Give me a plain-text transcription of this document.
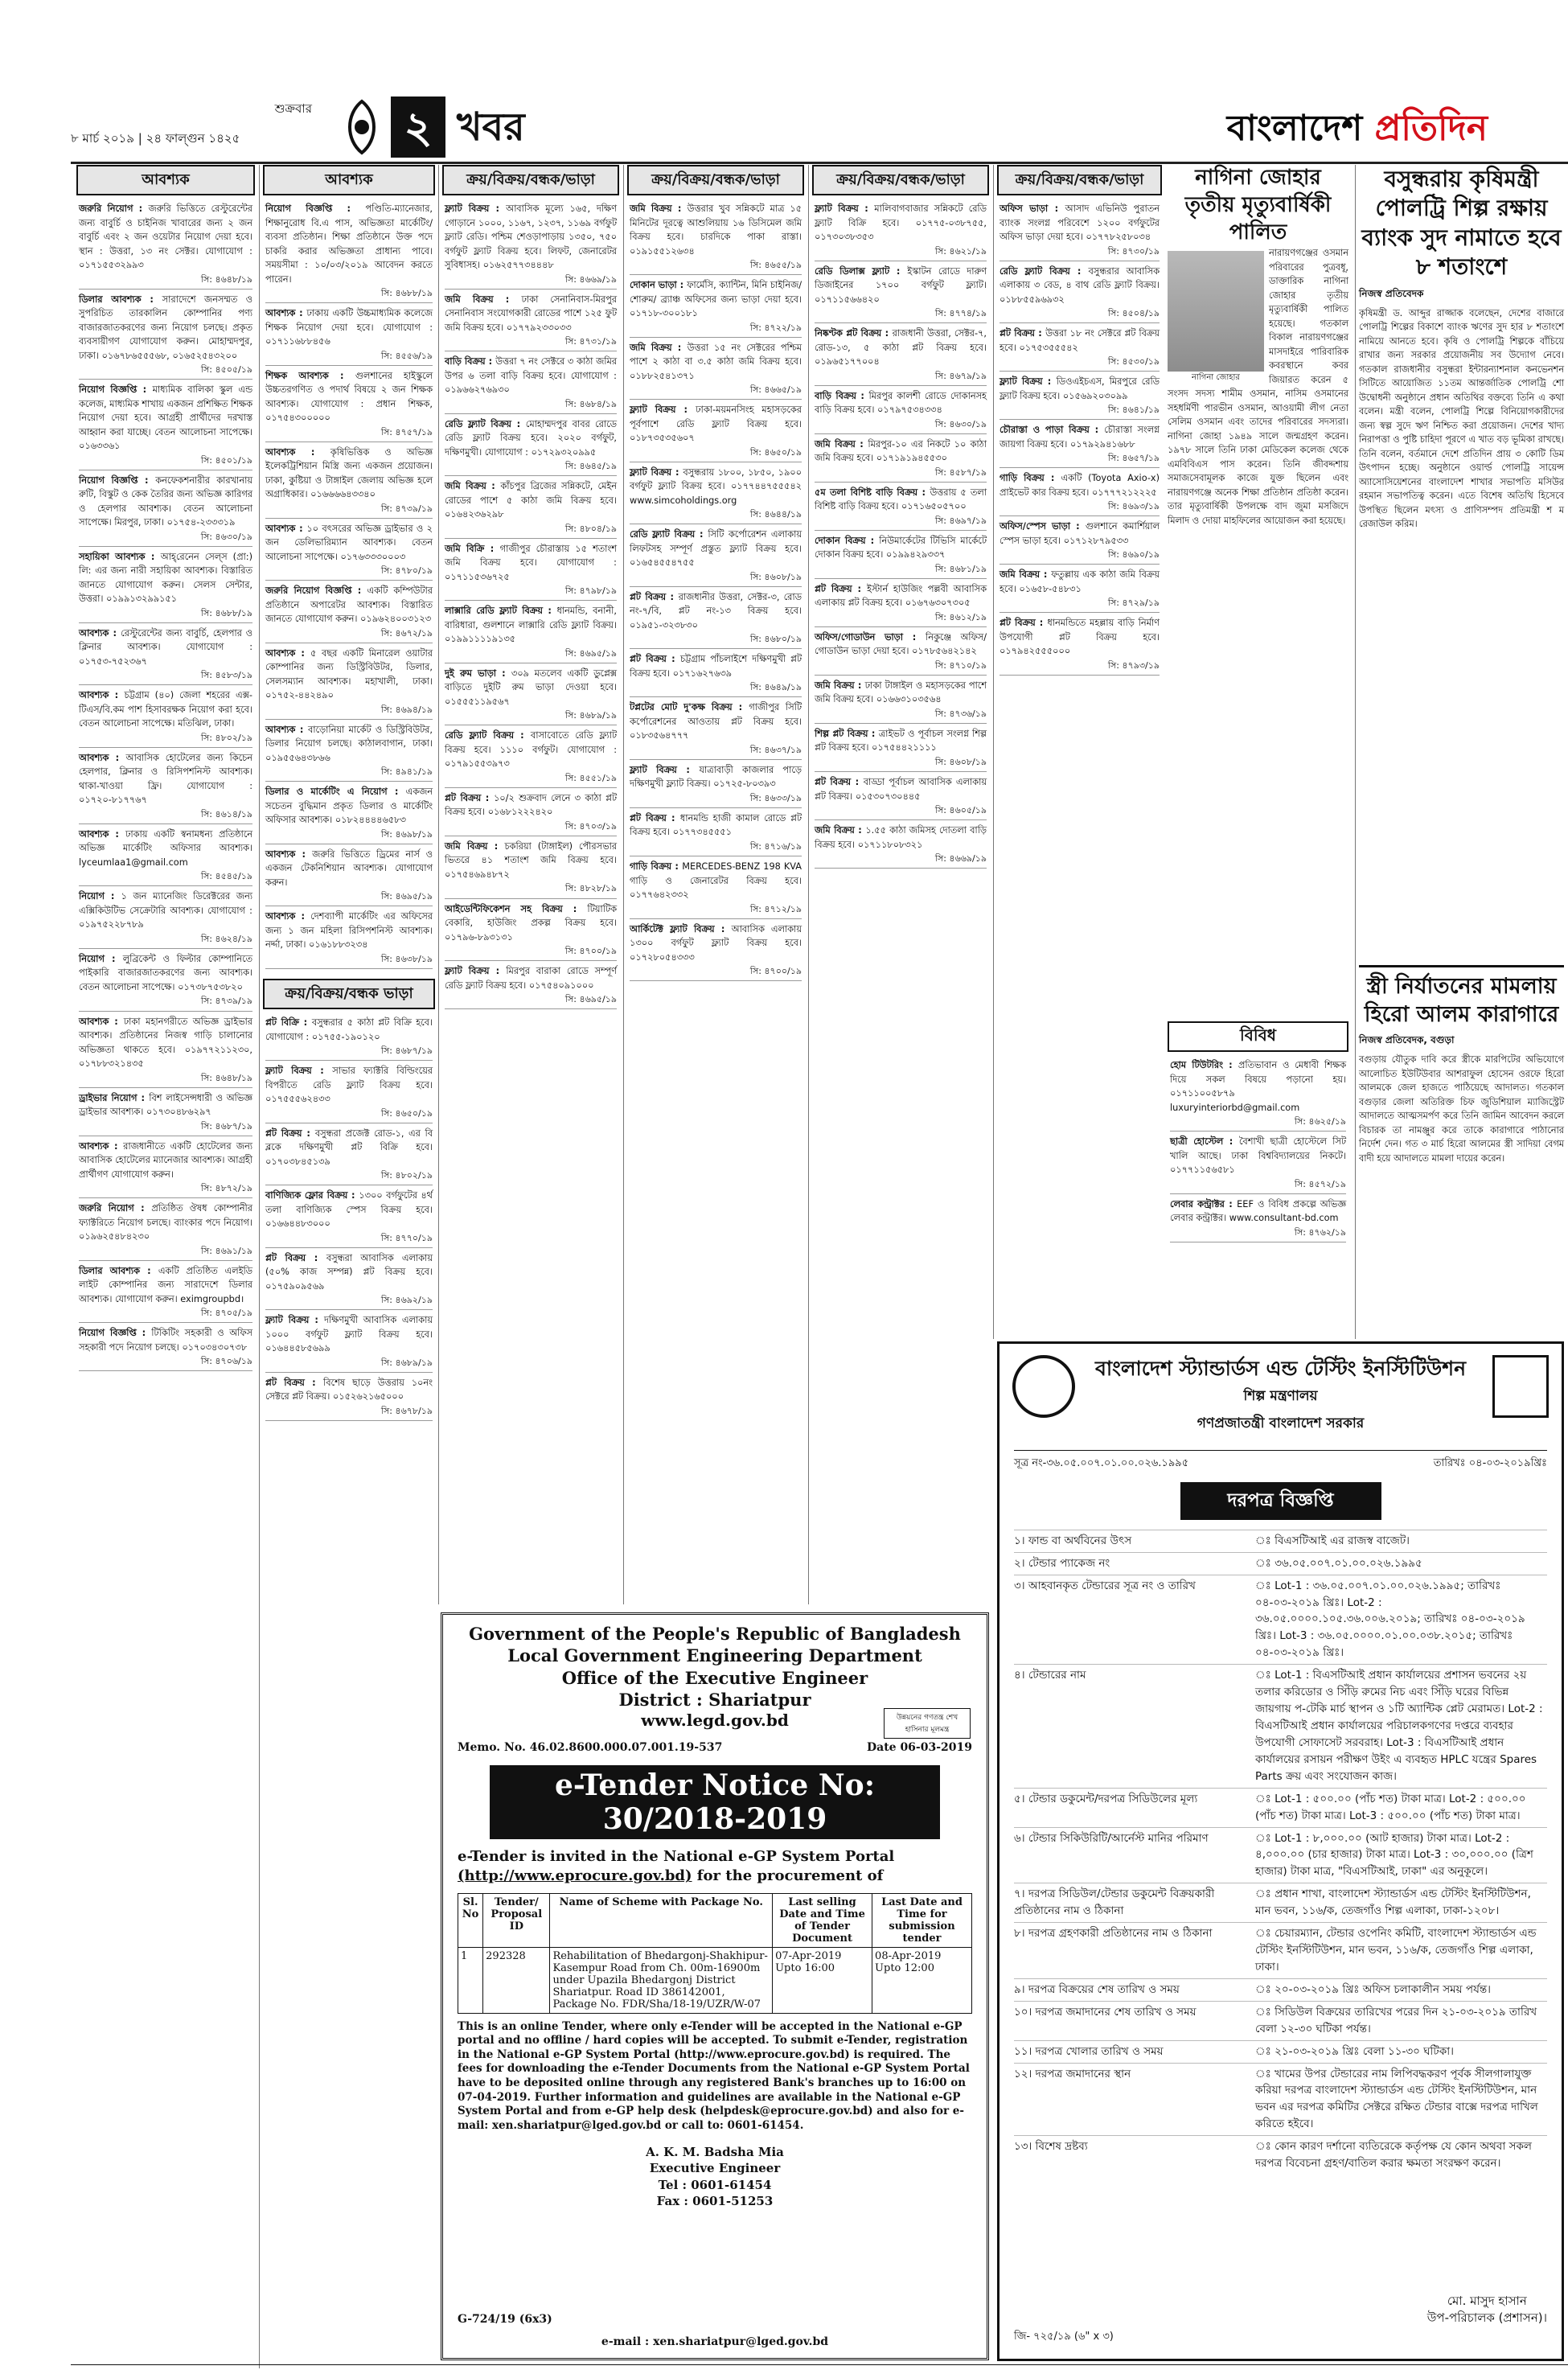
শুক্রবার
৮ মার্চ ২০১৯ | ২৪ ফাল্গুন ১৪২৫	২ খবর	বাংলাদেশ প্রতিদিন
আবশ্যক
জরুরি নিয়োগ : জরুরি ভিত্তিতে রেস্টুরেন্টের জন্য বাবুর্চি ও চাইনিজ খাবারের জন্য ২ জন বাবুর্চি এবং ২ জন ওয়েটার নিয়োগ দেয়া হবে। স্থান : উত্তরা, ১৩ নং সেক্টর। যোগাযোগ : ০১৭১৫৫৩২৯৯৩
সি: ৪৬৪৮/১৯
ডিলার আবশ্যক : সারাদেশে জনসম্মত ও সুপরিচিত তারকালিন কোম্পানির পণ্য বাজারজাতকরণের জন্য নিয়োগ চলছে। প্রকৃত ব্যবসায়ীগণ যোগাযোগ করুন। মোহাম্মদপুর, ঢাকা। ০১৬৭৮৬৫৫৫৬৮, ০১৬৫২৫৪৩২০০
সি: ৪৫০৫/১৯
নিয়োগ বিজ্ঞপ্তি : মাধ্যমিক বালিকা স্কুল এন্ড কলেজ, মাধ্যমিক শাখায় একজন প্রশিক্ষিত শিক্ষক নিয়োগ দেয়া হবে। আগ্রহী প্রার্থীদের দরখাস্ত আহ্বান করা যাচ্ছে। বেতন আলোচনা সাপেক্ষে। ০১৬৩৩৬১
সি: ৪৫০১/১৯
নিয়োগ বিজ্ঞপ্তি : কনফেকশনারীর কারখানায় রুটি, বিস্কুট ও কেক তৈরির জন্য অভিজ্ঞ কারিগর ও হেলপার আবশ্যক। বেতন আলোচনা সাপেক্ষে। মিরপুর, ঢাকা। ০১৭৫৪-২৩৩৩১৯
সি: ৪৬৩০/১৯
সহায়িকা আবশ্যক : আহ্‌রেনেন সেল্স (প্রা:) লি: এর জন্য নারী সহায়িকা আবশ্যক। বিস্তারিত জানতে যোগাযোগ করুন। সেলস সেন্টার, উত্তরা। ০১৯৯১৩২৯৯১৫১
সি: ৪৬৮৮/১৯
আবশ্যক : রেস্টুরেন্টের জন্য বাবুর্চি, হেলপার ও ক্লিনার আবশ্যক। যোগাযোগ : ০১৭৫৩-৭৫২৩৬৭
সি: ৪৫৮৩/১৯
আবশ্যক : চট্টগ্রাম (৪০) জেলা শহরের এক্স-টিএস/বি.কম পাশ হিসাবরক্ষক নিয়োগ করা হবে। বেতন আলোচনা সাপেক্ষে। মতিঝিল, ঢাকা।
সি: ৪৮০২/১৯
আবশ্যক : আবাসিক হোটেলের জন্য কিচেন হেলপার, ক্লিনার ও রিসিপশনিস্ট আবশ্যক। থাকা-খাওয়া ফ্রি। যোগাযোগ : ০১৭২০-৮১৭৭৬৭
সি: ৪৬১৪/১৯
আবশ্যক : ঢাকায় একটি স্বনামধন্য প্রতিষ্ঠানে অভিজ্ঞ মার্কেটিং অফিসার আবশ্যক। lyceumlaa1@gmail.com
সি: ৪৫৪৫/১৯
নিয়োগ : ১ জন ম্যানেজিং ডিরেক্টরের জন্য এক্সিকিউটিভ সেক্রেটারি আবশ্যক। যোগাযোগ : ০১৯৭৫২২৮৭৮৯
সি: ৪৬২৪/১৯
নিয়োগ : লুব্রিকেন্ট ও ফিল্টার কোম্পানিতে পাইকারি বাজারজাতকরণের জন্য আবশ্যক। বেতন আলোচনা সাপেক্ষে। ০১৭৩৮৭৫৩৮২০
সি: ৪৭৩৯/১৯
আবশ্যক : ঢাকা মহানগরীতে অভিজ্ঞ ড্রাইভার আবশ্যক। প্রতিষ্ঠানের নিজস্ব গাড়ি চালানোর অভিজ্ঞতা থাকতে হবে। ০১৯৭৭২১১২৩০, ০১৭৮৮৩২১৪৩৫
সি: ৪৬৪৮/১৯
ড্রাইভার নিয়োগ : বিশ লাইসেন্সধারী ও অভিজ্ঞ ড্রাইভার আবশ্যক। ০১৭৩০৪৮৬২৯৭
সি: ৪৬৮৭/১৯
আবশ্যক : রাজধানীতে একটি হোটেলের জন্য আবাসিক হোটেলের ম্যানেজার আবশ্যক। আগ্রহী প্রার্থীগণ যোগাযোগ করুন।
সি: ৪৮৭২/১৯
জরুরি নিয়োগ : প্রতিষ্ঠিত ঔষধ কোম্পানীর ফ্যাক্টরিতে নিয়োগ চলছে। ব্যাংকার পদে নিয়োগ। ০১৯৬২৫৪৮৪২৩০
সি: ৪৬৯১/১৯
ডিলার আবশ্যক : একটি প্রতিষ্ঠিত এলইডি লাইট কোম্পানির জন্য সারাদেশে ডিলার আবশ্যক। যোগাযোগ করুন। eximgroupbd।
সি: ৪৭০৫/১৯
নিয়োগ বিজ্ঞপ্তি : টিকিটিং সহকারী ও অফিস সহকারী পদে নিয়োগ চলছে। ০১৭০৩৪৩০৭৩৮
সি: ৪৭০৬/১৯
আবশ্যক
নিয়োগ বিজ্ঞপ্তি : পণ্ডিতি-ম্যানেজার, শিক্ষানুরোধ বি.এ পাস, অভিজ্ঞতা মার্কেটিং/ব্যবসা প্রতিষ্ঠান। শিক্ষা প্রতিষ্ঠানে উক্ত পদে চাকরি করার অভিজ্ঞতা প্রাধান্য পাবে। সময়সীমা : ১০/০৩/২০১৯ আবেদন করতে পারেন।
সি: ৪৬৮৮/১৯
আবশ্যক : ঢাকায় একটি উচ্চমাধ্যমিক কলেজে শিক্ষক নিয়োগ দেয়া হবে। যোগাযোগ : ০১৭১১৬৮৮৪৫৬
সি: ৪৫৫৬/১৯
শিক্ষক আবশ্যক : গুলশানের হাইস্কুলে উচ্চতরগণিত ও পদার্থ বিষয়ে ২ জন শিক্ষক আবশ্যক। যোগাযোগ : প্রধান শিক্ষক, ০১৭৫৪৩০০০০০
সি: ৪৭৫৭/১৯
আবশ্যক : কৃষিভিত্তিক ও অভিজ্ঞ ইলেকট্রিশিয়ান মিস্ত্রি জন্য একজন প্রয়োজন। ঢাকা, কুষ্টিয়া ও টাঙ্গাইল জেলায় অভিজ্ঞ হলে অগ্রাধিকার। ০১৬৬৬৬৪৩৩৪০
সি: ৪৭৩৯/১৯
আবশ্যক : ১০ বৎসরের অভিজ্ঞ ড্রাইভার ও ২ জন ডেলিভারিম্যান আবশ্যক। বেতন আলোচনা সাপেক্ষে। ০১৭৬৩৩৩০০০৩
সি: ৪৭৮০/১৯
জরুরি নিয়োগ বিজ্ঞপ্তি : একটি কম্পিউটার প্রতিষ্ঠানে অপারেটর আবশ্যক। বিস্তারিত জানতে যোগাযোগ করুন। ০১৯৬২৪০০৩১২৩
সি: ৪৬৭২/১৯
আবশ্যক : ৫ বছর একটি মিনারেল ওয়াটার কোম্পানির জন্য ডিস্ট্রিবিউটর, ডিলার, সেলসম্যান আবশ্যক। মহাখালী, ঢাকা। ০১৭৫২-৪৪২৪৯০
সি: ৪৬৯৪/১৯
আবশ্যক : বাড়োনিয়া মার্কেট ও ডিস্ট্রিবিউটর, ডিলার নিয়োগ চলছে। কাঠালবাগান, ঢাকা। ০১৯৫৫৬৪৩৮৬৬
সি: ৪৯৪১/১৯
ডিলার ও মার্কেটিং এ নিয়োগ : একজন সচেতন বুদ্ধিমান প্রকৃত ডিলার ও মার্কেটিং অফিসার আবশ্যক। ০১৮২৪৪৪৪৬৫৮৩
সি: ৪৬৯৮/১৯
আবশ্যক : জরুরি ভিত্তিতে ড্রিমের নার্স ও একজন টেকনিশিয়ান আবশ্যক। যোগাযোগ করুন।
সি: ৪৬৯৫/১৯
আবশ্যক : দেশব্যাপী মার্কেটিং এর অফিসের জন্য ১ জন মহিলা রিসিপশনিস্ট আবশ্যক। নর্দ্দা, ঢাকা। ০১৬১৮৮৩২৩৪
সি: ৪৬৩৮/১৯
ক্রয়/বিক্রয়/বন্ধক ভাড়া
প্লট বিক্রি : বসুন্ধরার ৫ কাঠা প্লট বিক্রি হবে। যোগাযোগ : ০১৭৫৫-১৯০১২০
সি: ৪৬৮৭/১৯
ফ্ল্যাট বিক্রয় : সাভার ফ্যাক্টরি বিল্ডিংয়ের বিপরীতে রেডি ফ্ল্যাট বিক্রয় হবে। ০১৭৫৫৫৬২৪৩৩
সি: ৪৬৫০/১৯
প্লট বিক্রয় : বসুন্ধরা প্রজেক্ট রোড-১, এর বি ব্লকে দক্ষিণমুখী প্লট বিক্রি হবে। ০১৭০৩৮৪৫১৩৯
সি: ৪৮০২/১৯
বাণিজ্যিক ফ্লোর বিক্রয় : ১৩০০ বর্গফুটের ৪র্থ তলা বাণিজ্যিক স্পেস বিক্রয় হবে। ০১৬৬৪৪৮৩০০০
সি: ৪৭৭০/১৯
প্লট বিক্রয় : বসুন্ধরা আবাসিক এলাকায় (৫০% কাজ সম্পন্ন) প্লট বিক্রয় হবে। ০১৭৫৯০৯৫৬৯
সি: ৪৬৯২/১৯
ফ্ল্যাট বিক্রয় : দক্ষিণমুখী আবাসিক এলাকায় ১০০০ বর্গফুট ফ্ল্যাট বিক্রয় হবে। ০১৬৪৪৫৮৫৬৯৯
সি: ৪৬৮৯/১৯
প্লট বিক্রয় : বিশেষ ছাড়ে উত্তরায় ১০নং সেক্টরে প্লট বিক্রয়। ০১৫২৬২১৬৫০০০
সি: ৪৬৭৮/১৯
ক্রয়/বিক্রয়/বন্ধক/ভাড়া
ফ্ল্যাট বিক্রয় : আবাসিক মূল্যে ১৬৫, দক্ষিণ গোড়ানে ১০০০, ১১৬৭, ১২৩৭, ১১৬৯ বর্গফুট ফ্ল্যাট রেডি। পশ্চিম শেওড়াপাড়ায় ১৩৫০, ৭৫০ বর্গফুট ফ্ল্যাট বিক্রয় হবে। লিফট, জেনারেটর সুবিধাসহ। ০১৬২৫৭৭৩৪৪৪৮
সি: ৪৬৬৯/১৯
জমি বিক্রয় : ঢাকা সেনানিবাস-মিরপুর সেনানিবাস সংযোগকারী রোডের পাশে ১২৫ ফুট জমি বিক্রয় হবে। ০১৭৭৯২৩৩০৩৩
সি: ৪৭৩১/১৯
বাড়ি বিক্রয় : উত্তরা ৭ নং সেক্টরে ৩ কাঠা জমির উপর ৬ তলা বাড়ি বিক্রয় হবে। যোগাযোগ : ০১৯৬৬২৭৬৯৩০
সি: ৪৬৮৪/১৯
রেডি ফ্ল্যাট বিক্রয় : মোহাম্মদপুর বাবর রোডে রেডি ফ্ল্যাট বিক্রয় হবে। ২০২০ বর্গফুট, দক্ষিণমুখী। যোগাযোগ : ০১৭২৯৩২০৯৯৫
সি: ৪৬৪৫/১৯
জমি বিক্রয় : কাঁচপুর ব্রিজের সন্নিকটে, মেইন রোডের পাশে ৫ কাঠা জমি বিক্রয় হবে। ০১৬৪২৩৬২৯৮
সি: ৪৮০৪/১৯
জমি বিক্রি : গাজীপুর চৌরাস্তায় ১৫ শতাংশ জমি বিক্রয় হবে। যোগাযোগ : ০১৭১১৫৩৬৭২৫
সি: ৪৭৯৮/১৯
লাক্সারি রেডি ফ্ল্যাট বিক্রয় : ধানমন্ডি, বনানী, বারিধারা, গুলশানে লাক্সারি রেডি ফ্ল্যাট বিক্রয়। ০১৯৯১১১১৯১৩৫
সি: ৪৬৯৫/১৯
দুই রুম ভাড়া : ৩০৯ মতলেব একটি ডুপ্লেক্স বাড়িতে দুইটি রুম ভাড়া দেওয়া হবে। ০১৫৫৫১১৯৫৬৭
সি: ৪৬৮৯/১৯
রেডি ফ্ল্যাট বিক্রয় : বাসাবোতে রেডি ফ্ল্যাট বিক্রয় হবে। ১১১০ বর্গফুট। যোগাযোগ : ০১৭৯১৫৫৩৯৭৩
সি: ৪৫৫১/১৯
প্লট বিক্রয় : ১০/২ শুক্রবাদ লেনে ৩ কাঠা প্লট বিক্রয় হবে। ০১৬৮১২২২৪২০
সি: ৪৭০৩/১৯
জমি বিক্রয় : চকরিয়া (টাঙ্গাইল) পৌরসভার ভিতরে ৪১ শতাংশ জমি বিক্রয় হবে। ০১৭৫৪৬৯৪৮৭২
সি: ৪৮২৮/১৯
আইডেন্টিফিকেশন সহ বিক্রয় : টিয়াটিক বেকারি, হাউজিং প্রকল্প বিক্রয় হবে। ০১৭৯৬-৮৯৩১৩১
সি: ৪৭০০/১৯
ফ্ল্যাট বিক্রয় : মিরপুর বারাকা রোডে সম্পূর্ণ রেডি ফ্ল্যাট বিক্রয় হবে। ০১৭৫৪০৯১০০০
সি: ৪৬৯৫/১৯
ক্রয়/বিক্রয়/বন্ধক/ভাড়া
জমি বিক্রয় : উত্তরার খুব সন্নিকটে মাত্র ১৫ মিনিটের দূরত্বে আশুলিয়ায় ১৬ ডিসিমেল জমি বিক্রয় হবে। চারদিকে পাকা রাস্তা। ০১৯১৫৫১২৬৩৪
সি: ৪৬৫৫/১৯
দোকান ভাড়া : ফার্মেসি, ক্যান্টিন, মিনি চাইনিজ/শোরুম/ ব্র্যাঞ্চ অফিসের জন্য ভাড়া দেয়া হবে। ০১৭১৮-৩০০১৮১
সি: ৪৭২২/১৯
জমি বিক্রয় : উত্তরা ১৫ নং সেক্টরের পশ্চিম পাশে ২ কাঠা বা ৩.৫ কাঠা জমি বিক্রয় হবে। ০১৮৮২৫৪১৩৭১
সি: ৪৬৬৫/১৯
ফ্ল্যাট বিক্রয় : ঢাকা-ময়মনসিংহ মহাসড়কের পূর্বপাশে রেডি ফ্ল্যাট বিক্রয় হবে। ০১৮৭৩৫৩৫৬০৭
সি: ৪৬৫০/১৯
ফ্ল্যাট বিক্রয় : বসুন্ধরায় ১৮০০, ১৮৫০, ১৯০০ বর্গফুট ফ্ল্যাট বিক্রয় হবে। ০১৭৭৪৪৭৫৫৫৪২ www.simcoholdings.org
সি: ৪৬৪৪/১৯
রেডি ফ্ল্যাট বিক্রয় : সিটি কর্পোরেশন এলাকায় লিফটসহ সম্পূর্ণ প্রস্তুত ফ্ল্যাট বিক্রয় হবে। ০১৬৫৪৫৫৪৭৫৫
সি: ৪৬০৮/১৯
প্লট বিক্রয় : রাজধানীর উত্তরা, সেক্টর-৩, রোড নং-৭/বি, প্লট নং-১৩ বিক্রয় হবে। ০১৯৫১-৩২৩৮৩০
সি: ৪৬৮০/১৯
প্লট বিক্রয় : চট্টগ্রাম পাঁচলাইশে দক্ষিণমুখী প্লট বিক্রয় হবে। ০১৭১৬২৭৬৩৯
সি: ৪৬৪৯/১৯
টপ্লটের মোট দু'কক্ষ বিক্রয় : গাজীপুর সিটি কর্পোরেশনের আওতায় প্লট বিক্রয় হবে। ০১৮৩৫৬৪৭৭৭
সি: ৪৬৩৭/১৯
ফ্ল্যাট বিক্রয় : যাত্রাবাড়ী কাজলার পাড়ে দক্ষিণমুখী ফ্ল্যাট বিক্রয়। ০১৭২৫-৮০৩৯৩
সি: ৪৬৩৩/১৯
প্লট বিক্রয় : ধানমন্ডি হাজী কামাল রোডে প্লট বিক্রয় হবে। ০১৭৭৩৪৫৫৫১
সি: ৪৭১৬/১৯
গাড়ি বিক্রয় : MERCEDES-BENZ 198 KVA গাড়ি ও জেনারেটর বিক্রয় হবে। ০১৭৭৬৪২৩৩২
সি: ৪৭১২/১৯
আর্কিটেক্ট ফ্ল্যাট বিক্রয় : আবাসিক এলাকায় ১৩০০ বর্গফুট ফ্ল্যাট বিক্রয় হবে। ০১৭২৮০৫৪৩৩৩
সি: ৪৭০০/১৯
ক্রয়/বিক্রয়/বন্ধক/ভাড়া
ফ্ল্যাট বিক্রয় : মালিবাগবাজার সন্নিকটে রেডি ফ্ল্যাট বিক্রি হবে। ০১৭৭৫-০৩৮৭৫৫, ০১৭৩০৩৮৩৫৩
সি: ৪৬২১/১৯
রেডি ডিলাক্স ফ্ল্যাট : ইস্কাটন রোডে দারুণ ডিজাইনের ১৭০০ বর্গফুট ফ্ল্যাট। ০১৭১১৫৬৬৪২০
সি: ৪৭৭৪/১৯
নিষ্কণ্টক প্লট বিক্রয় : রাজধানী উত্তরা, সেক্টর-৭, রোড-১৩, ৫ কাঠা প্লট বিক্রয় হবে। ০১৯৬৫১৭৭০০৪
সি: ৪৬৭৯/১৯
বাড়ি বিক্রয় : মিরপুর কালশী রোডে দোকানসহ বাড়ি বিক্রয় হবে। ০১৭৯৭৫৩৪৩৩৪
সি: ৪৬৩০/১৯
জমি বিক্রয় : মিরপুর-১০ এর নিকটে ১০ কাঠা জমি বিক্রয় হবে। ০১৭১৯১৯৪৫৫৩০
সি: ৪৫৮৭/১৯
৫ম তলা বিশিষ্ট বাড়ি বিক্রয় : উত্তরায় ৫ তলা বিশিষ্ট বাড়ি বিক্রয় হবে। ০১৭১৬৫০৫৭০০
সি: ৪৬৯৭/১৯
দোকান বিক্রয় : নিউমার্কেটের টিভিসি মার্কেটে দোকান বিক্রয় হবে। ০১৯৯৪২৯৩৩৭
সি: ৪৬৮১/১৯
প্লট বিক্রয় : ইস্টার্ন হাউজিং পল্লবী আবাসিক এলাকায় প্লট বিক্রয় হবে। ০১৬৭৬৩০৭৩০৫
সি: ৪৬১২/১৯
অফিস/গোডাউন ভাড়া : নিকুঞ্জে অফিস/গোডাউন ভাড়া দেয়া হবে। ০১৭৮৫৬৪২১৪২
সি: ৪৭১০/১৯
জমি বিক্রয় : ঢাকা টাঙ্গাইল ও মহাসড়কের পাশে জমি বিক্রয় হবে। ০১৬৬৩১০৩৫৬৪
সি: ৪৭৩৬/১৯
শিল্প প্লট বিক্রয় : ত্রাইভট ও পূর্বাচল সংলগ্ন শিল্প প্লট বিক্রয় হবে। ০১৭৫৪৪২১১১১
সি: ৪৬০৮/১৯
প্লট বিক্রয় : বাড্ডা পূর্বাচল আবাসিক এলাকায় প্লট বিক্রয়। ০১৫৩০৭৩০৪৪৫
সি: ৪৬০৫/১৯
জমি বিক্রয় : ১.৫৫ কাঠা জমিসহ দোতলা বাড়ি বিক্রয় হবে। ০১৭১১৮০৮৩২১
সি: ৪৬৬৯/১৯
ক্রয়/বিক্রয়/বন্ধক/ভাড়া
অফিস ভাড়া : আসাদ এভিনিউ পুরাতন ব্যাংক সংলগ্ন পরিবেশে ১২০০ বর্গফুটের অফিস ভাড়া দেয়া হবে। ০১৭৭৮২৫৮০৩৪
সি: ৪৭৩০/১৯
রেডি ফ্ল্যাট বিক্রয় : বসুন্ধরার আবাসিক এলাকায় ৩ বেড, ৪ বাথ রেডি ফ্ল্যাট বিক্রয়। ০১৮৮৫৫৯৬৯৩২
সি: ৪৫০৪/১৯
প্লট বিক্রয় : উত্তরা ১৮ নং সেক্টরে প্লট বিক্রয় হবে। ০১৭৫৩৫৫৫৪২
সি: ৪৫৩০/১৯
ফ্ল্যাট বিক্রয় : ডিওএইচএস, মিরপুরে রেডি ফ্ল্যাট বিক্রয় হবে। ০১৫৬৯২০৩০৯৯
সি: ৪৬৪১/১৯
চৌরাস্তা ও পাড়া বিক্রয় : চৌরাস্তা সংলগ্ন জায়গা বিক্রয় হবে। ০১৭৯২৯৪১৬৮৮
সি: ৪৬৫৭/১৯
গাড়ি বিক্রয় : একটি (Toyota Axio-x) প্রাইভেট কার বিক্রয় হবে। ০১৭৭৭২১২২২৫
সি: ৪৬৯৩/১৯
অফিস/স্পেস ভাড়া : গুলশানে কমার্শিয়াল স্পেস ভাড়া হবে। ০১৭১২৮৭৯৫৩৩
সি: ৪৬৯০/১৯
জমি বিক্রয় : ফতুল্লায় এক কাঠা জমি বিক্রয় হবে। ০১৬৫৮-৫৪৮৩১
সি: ৪৭২৯/১৯
প্লট বিক্রয় : ধানমন্ডিতে মহল্লায় বাড়ি নির্মাণ উপযোগী প্লট বিক্রয় হবে। ০১৭৯৪২৫৫৫০০০
সি: ৪৭৯৩/১৯
নাগিনা জোহার তৃতীয় মৃত্যুবার্ষিকী পালিত
নাগিনা জোহার
নারায়ণগঞ্জের ওসমান পরিবারের পুত্রবধূ, ডাক্তারিক নাগিনা জোহার তৃতীয় মৃত্যুবার্ষিকী পালিত হয়েছে। গতকাল বিকাল নারায়ণগঞ্জের মাসদাইরে পারিবারিক কবরস্থানে কবর জিয়ারত করেন ৫ সংসদ সদস্য শামীম ওসমান, নাসিম ওসমানের সহধর্মিণী পারভীন ওসমান, আওয়ামী লীগ নেতা সেলিম ওসমান এবং তাদের পরিবারের সদস্যরা। নাগিনা জোহা ১৯৪৯ সালে জন্মগ্রহণ করেন। ১৯৭৮ সালে তিনি ঢাকা মেডিকেল কলেজ থেকে এমবিবিএস পাস করেন। তিনি জীবদ্দশায় সমাজসেবামূলক কাজে যুক্ত ছিলেন এবং নারায়ণগঞ্জে অনেক শিক্ষা প্রতিষ্ঠান প্রতিষ্ঠা করেন। তার মৃত্যুবার্ষিকী উপলক্ষে বাদ জুমা মসজিদে মিলাদ ও দোয়া মাহফিলের আয়োজন করা হয়েছে।
বিবিধ
হোম টিউটরিং : প্রতিভাবান ও মেধাবী শিক্ষক দিয়ে সকল বিষয়ে পড়ানো হয়। ০১৭১১০০৫৮৭৯ luxuryinteriorbd@gmail.com
সি: ৪৬২৫/১৯
ছাত্রী হোস্টেল : বৈশাখী ছাত্রী হোস্টেলে সিট খালি আছে। ঢাকা বিশ্ববিদ্যালয়ের নিকটে। ০১৭৭১১৫৬৫৮১
সি: ৪৫৭২/১৯
লেবার কন্ট্রাক্টর : EEF ও বিবিধ প্রকল্পে অভিজ্ঞ লেবার কন্ট্রাক্টর। www.consultant-bd.com
সি: ৪৭৬২/১৯
বসুন্ধরায় কৃষিমন্ত্রী পোলট্রি শিল্প রক্ষায় ব্যাংক সুদ নামাতে হবে ৮ শতাংশে
নিজস্ব প্রতিবেদক
কৃষিমন্ত্রী ড. আব্দুর রাজ্জাক বলেছেন, দেশের বাজারে পোলট্রি শিল্পের বিকাশে ব্যাংক ঋণের সুদ হার ৮ শতাংশে নামিয়ে আনতে হবে। কৃষি ও পোলট্রি শিল্পকে বাঁচিয়ে রাখার জন্য সরকার প্রয়োজনীয় সব উদ্যোগ নেবে। গতকাল রাজধানীর বসুন্ধরা ইন্টারন্যাশনাল কনভেনশন সিটিতে আয়োজিত ১১তম আন্তর্জাতিক পোলট্রি শো উদ্বোধনী অনুষ্ঠানে প্রধান অতিথির বক্তব্যে তিনি এ কথা বলেন। মন্ত্রী বলেন, পোলট্রি শিল্পে বিনিয়োগকারীদের জন্য স্বল্প সুদে ঋণ নিশ্চিত করা প্রয়োজন। দেশের খাদ্য নিরাপত্তা ও পুষ্টি চাহিদা পূরণে এ খাত বড় ভূমিকা রাখছে। তিনি বলেন, বর্তমানে দেশে প্রতিদিন প্রায় ৩ কোটি ডিম উৎপাদন হচ্ছে। অনুষ্ঠানে ওয়ার্ল্ড পোলট্রি সায়েন্স অ্যাসোসিয়েশনের বাংলাদেশ শাখার সভাপতি মসিউর রহমান সভাপতিত্ব করেন। এতে বিশেষ অতিথি হিসেবে উপস্থিত ছিলেন মৎস্য ও প্রাণিসম্পদ প্রতিমন্ত্রী শ ম রেজাউল করিম।
স্ত্রী নির্যাতনের মামলায় হিরো আলম কারাগারে
নিজস্ব প্রতিবেদক, বগুড়া
বগুড়ায় যৌতুক দাবি করে স্ত্রীকে মারপিটের অভিযোগে আলোচিত ইউটিউবার আশরাফুল হোসেন ওরফে হিরো আলমকে জেল হাজতে পাঠিয়েছে আদালত। গতকাল বগুড়ার জেলা অতিরিক্ত চিফ জুডিশিয়াল ম্যাজিস্ট্রেট আদালতে আত্মসমর্পণ করে তিনি জামিন আবেদন করলে বিচারক তা নামঞ্জুর করে তাকে কারাগারে পাঠানোর নির্দেশ দেন। গত ৩ মার্চ হিরো আলমের স্ত্রী সাদিয়া বেগম বাদী হয়ে আদালতে মামলা দায়ের করেন।
বাংলাদেশ স্ট্যান্ডার্ডস এন্ড টেস্টিং ইনস্টিটিউশন
শিল্প মন্ত্রণালয়
গণপ্রজাতন্ত্রী বাংলাদেশ সরকার
সূত্র নং-৩৬.০৫.০০৭.০১.০০.০২৬.১৯৯৫	তারিখঃ ০৪-০৩-২০১৯খ্রিঃ
দরপত্র বিজ্ঞপ্তি
১। ফান্ড বা অর্থবিনের উৎস	ঃ বিএসটিআই এর রাজস্ব বাজেট।
২। টেন্ডার প্যাকেজ নং	ঃ ৩৬.০৫.০০৭.০১.০০.০২৬.১৯৯৫
৩। আহবানকৃত টেন্ডারের সূত্র নং ও তারিখ	ঃ Lot-1 : ৩৬.০৫.০০৭.০১.০০.০২৬.১৯৯৫; তারিখঃ ০৪-০৩-২০১৯ খ্রিঃ। Lot-2 : ৩৬.০৫.০০০০.১০৫.৩৬.০০৬.২০১৯; তারিখঃ ০৪-০৩-২০১৯ খ্রিঃ। Lot-3 : ৩৬.০৫.০০০০.০১.০০.০৩৮.২০১৫; তারিখঃ ০৪-০৩-২০১৯ খ্রিঃ।
৪। টেন্ডারের নাম	ঃ Lot-1 : বিএসটিআই প্রধান কার্যালয়ের প্রশাসন ভবনের ২য় তলার করিডোর ও সিঁড়ি রুমের নিচ এবং সিঁড়ি ঘরের বিভিন্ন জায়গায় প-টেকি মার্চ স্থাপন ও ১টি অ্যান্টিক প্লেট মেরামত। Lot-2 : বিএসটিআই প্রধান কার্যালয়ের পরিচালকগণের দপ্তরে ব্যবহার উপযোগী সোফাসেট সরবরাহ। Lot-3 : বিএসটিআই প্রধান কার্যালয়ের রসায়ন পরীক্ষণ উইং এ ব্যবহৃত HPLC যন্ত্রের Spares Parts ক্রয় এবং সংযোজন কাজ।
৫। টেন্ডার ডকুমেন্ট/দরপত্র সিডিউলের মূল্য	ঃ Lot-1 : ৫০০.০০ (পাঁচ শত) টাকা মাত্র। Lot-2 : ৫০০.০০ (পাঁচ শত) টাকা মাত্র। Lot-3 : ৫০০.০০ (পাঁচ শত) টাকা মাত্র।
৬। টেন্ডার সিকিউরিটি/আর্নেস্ট মানির পরিমাণ	ঃ Lot-1 : ৮,০০০.০০ (আট হাজার) টাকা মাত্র। Lot-2 : ৪,০০০.০০ (চার হাজার) টাকা মাত্র। Lot-3 : ৩০,০০০.০০ (ত্রিশ হাজার) টাকা মাত্র, "বিএসটিআই, ঢাকা" এর অনুকূলে।
৭। দরপত্র সিডিউল/টেন্ডার ডকুমেন্ট বিক্রয়কারী প্রতিষ্ঠানের নাম ও ঠিকানা
ঃ প্রধান শাখা, বাংলাদেশ স্ট্যান্ডার্ডস এন্ড টেস্টিং ইনস্টিটিউশন, মান ভবন, ১১৬/ক, তেজগাঁও শিল্প এলাকা, ঢাকা-১২০৮।
৮। দরপত্র গ্রহণকারী প্রতিষ্ঠানের নাম ও ঠিকানা	ঃ চেয়ারম্যান, টেন্ডার ওপেনিং কমিটি, বাংলাদেশ স্ট্যান্ডার্ডস এন্ড টেস্টিং ইনস্টিটিউশন, মান ভবন, ১১৬/ক, তেজগাঁও শিল্প এলাকা, ঢাকা।
৯। দরপত্র বিক্রয়ের শেষ তারিখ ও সময়	ঃ ২০-০৩-২০১৯ খ্রিঃ অফিস চলাকালীন সময় পর্যন্ত।
১০। দরপত্র জমাদানের শেষ তারিখ ও সময়	ঃ সিডিউল বিক্রয়ের তারিখের পরের দিন ২১-০৩-২০১৯ তারিখ বেলা ১২-৩০ ঘটিকা পর্যন্ত।
১১। দরপত্র খোলার তারিখ ও সময়	ঃ ২১-০৩-২০১৯ খ্রিঃ বেলা ১১-৩০ ঘটিকা।
১২। দরপত্র জমাদানের স্থান	ঃ খামের উপর টেন্ডারের নাম লিপিবদ্ধকরণ পূর্বক সীলগালাযুক্ত করিয়া দরপত্র বাংলাদেশ স্ট্যান্ডার্ডস এন্ড টেস্টিং ইনস্টিটিউশন, মান ভবন এর দরপত্র কমিটির সেক্টরে রক্ষিত টেন্ডার বাক্সে দরপত্র দাখিল করিতে হইবে।
১৩। বিশেষ দ্রষ্টব্য	ঃ কোন কারণ দর্শানো ব্যতিরেকে কর্তৃপক্ষ যে কোন অথবা সকল দরপত্র বিবেচনা গ্রহণ/বাতিল করার ক্ষমতা সংরক্ষণ করেন।
মো. মাসুদ হাসান
উপ-পরিচালক (প্রশাসন)।
জি- ৭২৫/১৯ (৬" x ৩)
Government of the People's Republic of Bangladesh
Local Government Engineering Department
Office of the Executive Engineer
District : Shariatpur
www.legd.gov.bd	উন্নয়নের গণতন্ত্র শেখ হাসিনার মূলমন্ত্র
Memo. No. 46.02.8600.000.07.001.19-537	Date 06-03-2019
e-Tender Notice No: 30/2018-2019

e-Tender is invited in the National e-GP System Portal (http://www.eprocure.gov.bd) for the procurement of

Sl. No	Tender/ Proposal ID	Name of Scheme with Package No.	Last selling Date and Time of Tender Document	Last Date and Time for submission tender
1	292328	Rehabilitation of Bhedargonj-Shakhipur-Kasempur Road from Ch. 00m-16900m under Upazila Bhedargonj District Shariatpur. Road ID 386142001, Package No. FDR/Sha/18-19/UZR/W-07	07-Apr-2019 Upto 16:00	08-Apr-2019 Upto 12:00

This is an online Tender, where only e-Tender will be accepted in the National e-GP portal and no offline / hard copies will be accepted. To submit e-Tender, registration in the National e-GP System Portal (http://www.eprocure.gov.bd) is required. The fees for downloading the e-Tender Documents from the National e-GP System Portal have to be deposited online through any registered Bank's branches up to 16:00 on 07-04-2019. Further information and guidelines are available in the National e-GP System Portal and from e-GP help desk (helpdesk@eprocure.gov.bd) and also for e-mail: xen.shariatpur@lged.gov.bd or call to: 0601-61454.

A. K. M. Badsha Mia
Executive Engineer
Tel : 0601-61454
Fax : 0601-51253
G-724/19 (6x3)
e-mail : xen.shariatpur@lged.gov.bd
